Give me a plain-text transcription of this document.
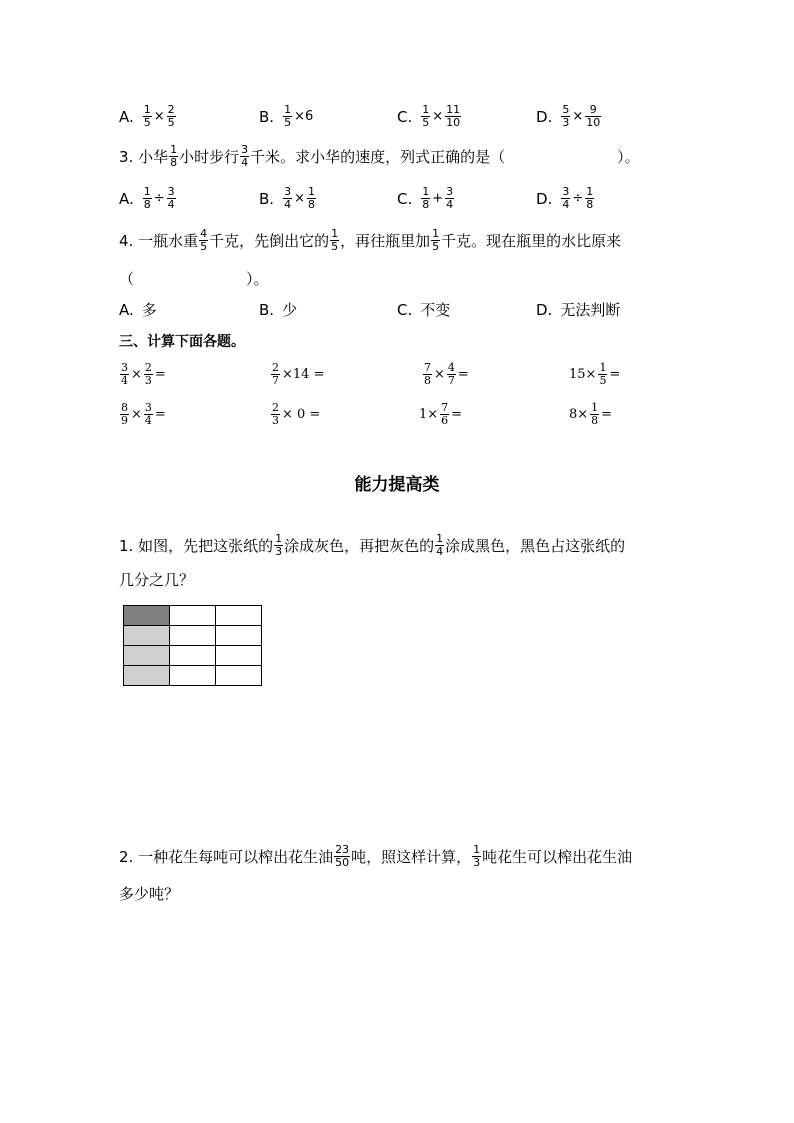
A. $\frac{1}{5} \times \frac{2}{5}$	B. $\frac{1}{5} \times 6$	C. $\frac{1}{5} \times \frac{11}{10}$	D. $\frac{5}{3} \times \frac{9}{10}$
3. 小华 $\frac{1}{8}$ 小时步行 $\frac{3}{4}$ 千米。求小华的速度，列式正确的是（	）。
A. $\frac{1}{8} \div \frac{3}{4}$	B. $\frac{3}{4} \times \frac{1}{8}$	C. $\frac{1}{8} + \frac{3}{4}$	D. $\frac{3}{4} \div \frac{1}{8}$
4. 一瓶水重 $\frac{4}{5}$ 千克，先倒出它的 $\frac{1}{5}$ ，再往瓶里加 $\frac{1}{5}$ 千克。现在瓶里的水比原来
（	）。
A. 多	B. 少	C. 不变	D. 无法判断
三、计算下面各题。
$\frac{3}{4} \times \frac{2}{3}$ =	$\frac{2}{7} \times 14$ =	$\frac{7}{8} \times \frac{4}{7}$ =	$15\times \frac{1}{5}$ =
$\frac{8}{9} \times \frac{3}{4}$ =	$\frac{2}{3} \times 0$ =	$1\times \frac{7}{6}$ =	$8\times \frac{1}{8}$ =
能力提高类
1. 如图，先把这张纸的 $\frac{1}{3}$ 涂成灰色，再把灰色的 $\frac{1}{4}$ 涂成黑色，黑色占这张纸的
几分之几？

2. 一种花生每吨可以榨出花生油 $\frac{23}{50}$ 吨，照这样计算， $\frac{1}{3}$ 吨花生可以榨出花生油
多少吨？
